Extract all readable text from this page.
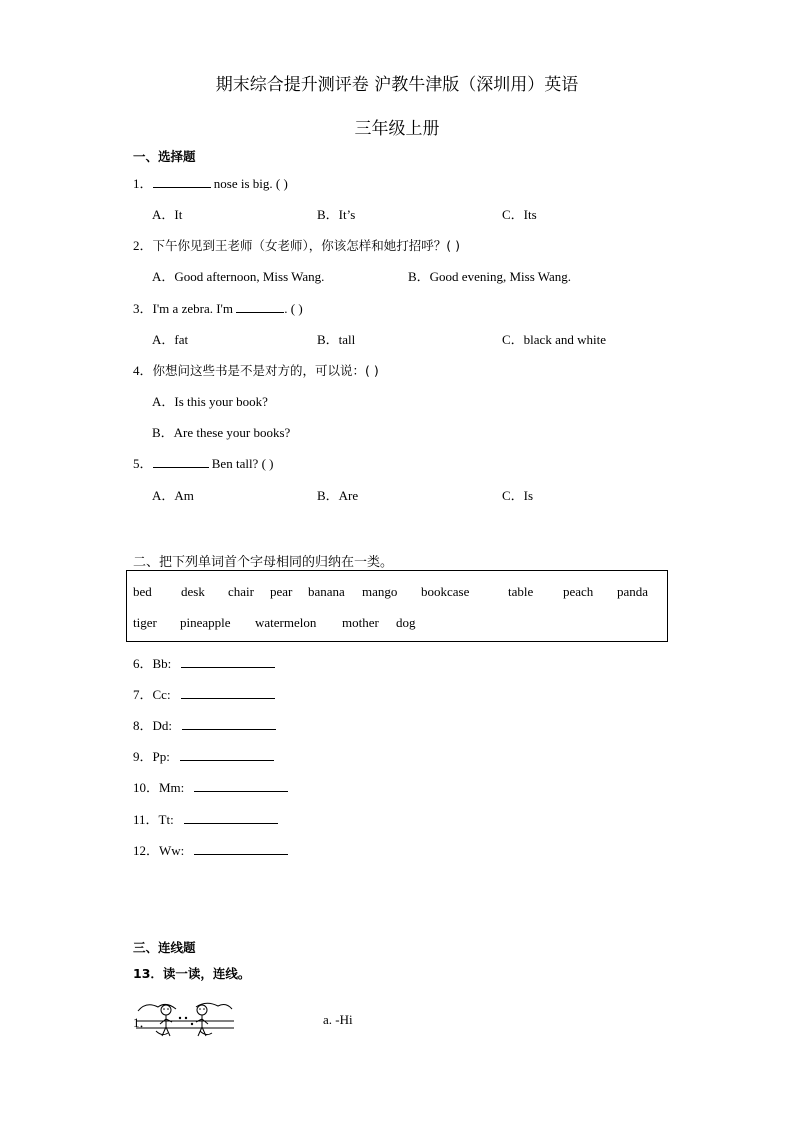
期末综合提升测评卷 沪教牛津版（深圳用）英语
三年级上册
一、选择题
1．	nose is big. ( )
A．It	B．It’s	C．Its
2．下午你见到王老师（女老师），你该怎样和她打招呼？( )
A．Good afternoon, Miss Wang.	B．Good evening, Miss Wang.
3．I'm a zebra. I'm	. ( )
A．fat	B．tall	C．black and white
4．你想问这些书是不是对方的，可以说：( )
A．Is this your book?
B．Are these your books?
5．	Ben tall? ( )
A．Am	B．Are	C．Is
二、把下列单词首个字母相同的归纳在一类。
bed desk chair pear banana mango bookcase	table peach panda
tiger pineapple watermelon mother dog
6．Bb:
7．Cc:
8．Dd:
9．Pp:
10．Mm:
11．Tt:
12．Ww:
三、连线题
13．读一读，连线。
1．	a. -Hi
